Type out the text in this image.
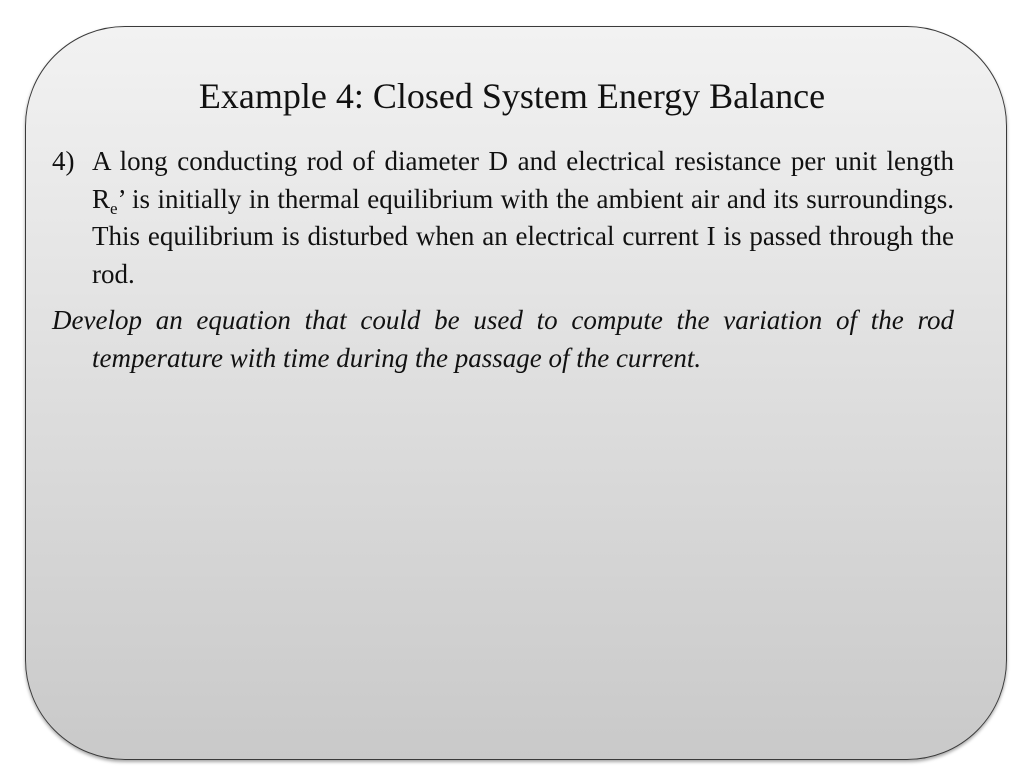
Example 4: Closed System Energy Balance

4) A long conducting rod of diameter D and electrical resistance per unit length $R_e$’ is initially in thermal equilibrium with the ambient air and its surroundings. This equilibrium is disturbed when an electrical current I is passed through the rod.

Develop an equation that could be used to compute the variation of the rod temperature with time during the passage of the current.
